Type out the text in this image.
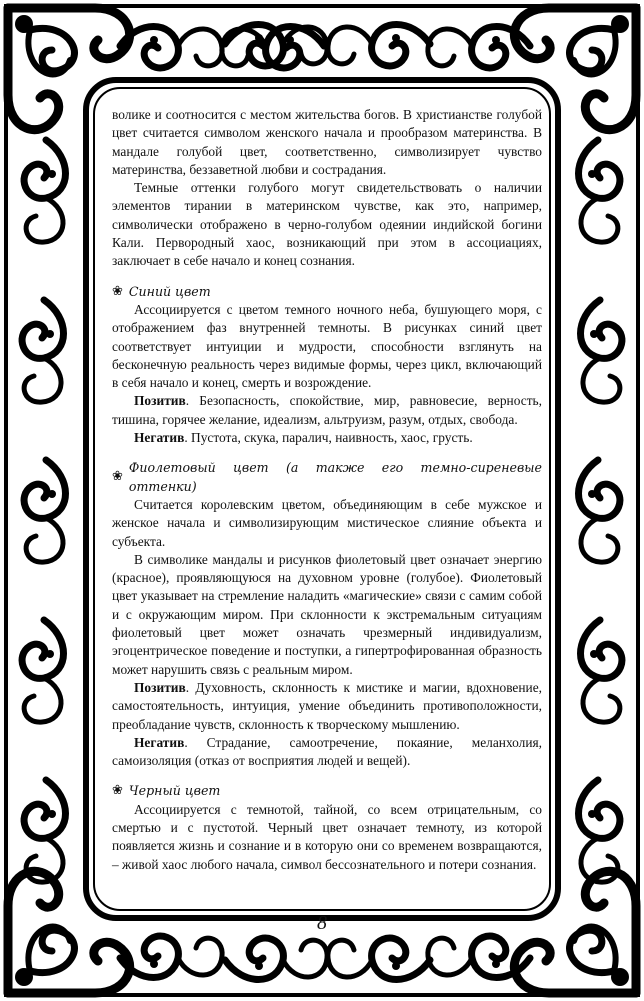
волике и соотносится с местом жительства богов. В христианстве голубой цвет считается символом женского начала и прообразом материнства. В мандале голубой цвет, соответственно, символизирует чувство материнства, беззаветной любви и сострадания.

Темные оттенки голубого могут свидетельствовать о наличии элементов тирании в материнском чувстве, как это, например, символически отображено в черно-голубом одеянии индийской богини Кали. Первородный хаос, возникающий при этом в ассоциациях, заключает в себе начало и конец сознания.

❀ Синий цвет

Ассоциируется с цветом темного ночного неба, бушующего моря, с отображением фаз внутренней темноты. В рисунках синий цвет соответствует интуиции и мудрости, способности взглянуть на бесконечную реальность через видимые формы, через цикл, включающий в себя начало и конец, смерть и возрождение.

Позитив. Безопасность, спокойствие, мир, равновесие, верность, тишина, горячее желание, идеализм, альтруизм, разум, отдых, свобода.

Негатив. Пустота, скука, паралич, наивность, хаос, грусть.

❀
Фиолетовый цвет (а также его темно-сиреневые оттенки)

Считается королевским цветом, объединяющим в себе мужское и женское начала и символизирующим мистическое слияние объекта и субъекта.

В символике мандалы и рисунков фиолетовый цвет означает энергию (красное), проявляющуюся на духовном уровне (голубое). Фиолетовый цвет указывает на стремление наладить «магические» связи с самим собой и с окружающим миром. При склонности к экстремальным ситуациям фиолетовый цвет может означать чрезмерный индивидуализм, эгоцентрическое поведение и поступки, а гипертрофированная образность может нарушить связь с реальным миром.

Позитив. Духовность, склонность к мистике и магии, вдохновение, самостоятельность, интуиция, умение объединить противоположности, преобладание чувств, склонность к творческому мышлению.

Негатив. Страдание, самоотречение, покаяние, меланхолия, самоизоляция (отказ от восприятия людей и вещей).

❀ Черный цвет

Ассоциируется с темнотой, тайной, со всем отрицательным, со смертью и с пустотой. Черный цвет означает темноту, из которой появляется жизнь и сознание и в которую они со временем возвращаются, – живой хаос любого начала, символ бессознательного и потери сознания.

8
